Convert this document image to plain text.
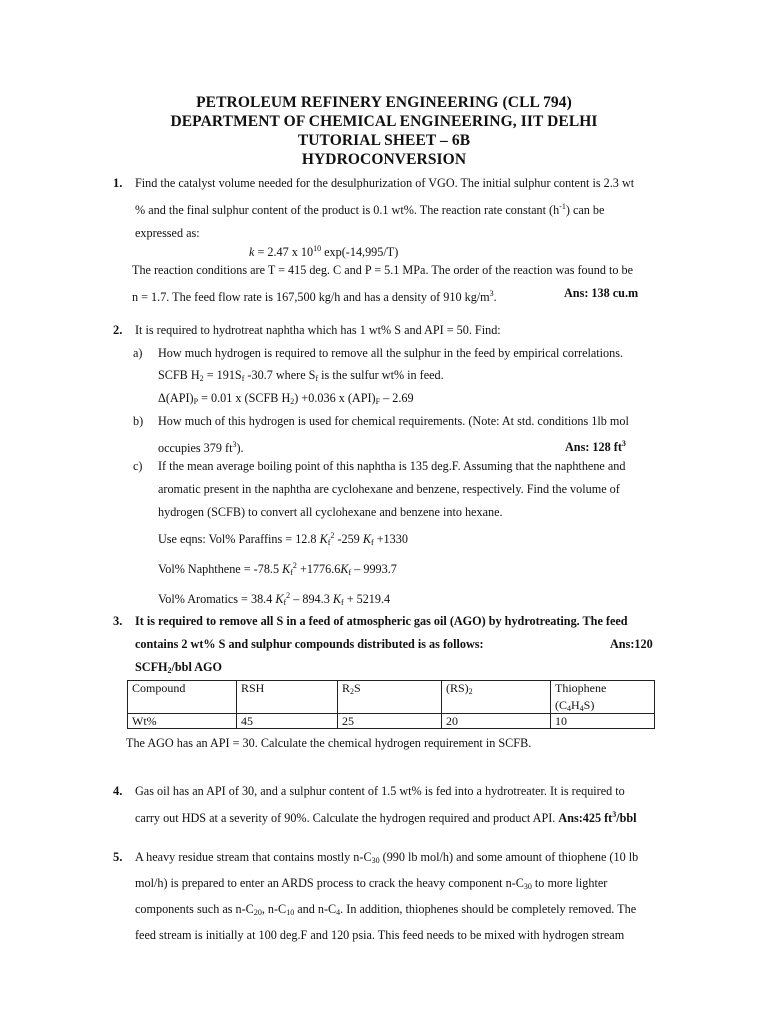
PETROLEUM REFINERY ENGINEERING (CLL 794)
DEPARTMENT OF CHEMICAL ENGINEERING, IIT DELHI
TUTORIAL SHEET – 6B
HYDROCONVERSION
1. Find the catalyst volume needed for the desulphurization of VGO. The initial sulphur content is 2.3 wt
% and the final sulphur content of the product is 0.1 wt%. The reaction rate constant $(h^{-1})$ can be
expressed as:
k = 2.47 x $10^{10}$ exp(-14,995/T)
The reaction conditions are T = 415 deg. C and P = 5.1 MPa. The order of the reaction was found to be
n = 1.7. The feed flow rate is 167,500 kg/h and has a density of 910 $kg/m^3$.	Ans: 138 cu.m
2. It is required to hydrotreat naphtha which has 1 wt% S and API = 50. Find:
a) How much hydrogen is required to remove all the sulphur in the feed by empirical correlations.
SCFB $H_2 = 191S_f$ -30.7 where $S_f$ is the sulfur wt% in feed.
$\Delta(API)_P = 0.01$ x (SCFB $H_2) +0.036$ x $(API)_F - 2.69$
b) How much of this hydrogen is used for chemical requirements. (Note: At std. conditions 1lb mol
occupies 379 $ft^3$).	Ans: 128 $ft^3$
c) If the mean average boiling point of this naphtha is 135 deg.F. Assuming that the naphthene and
aromatic present in the naphtha are cyclohexane and benzene, respectively. Find the volume of
hydrogen (SCFB) to convert all cyclohexane and benzene into hexane.
Use eqns: Vol% Paraffins = 12.8 $K_f^2$ -259 $K_f +1330$
Vol% Naphthene = -78.5 $K_f^2 +1776.6K_f - 9993.7$
Vol% Aromatics = 38.4 $K_f^2 - 894.3$ $K_f + 5219.4$
3. It is required to remove all S in a feed of atmospheric gas oil (AGO) by hydrotreating. The feed
contains 2 wt% S and sulphur compounds distributed is as follows:
$SCFH_2$/bbl AGO
Ans:120
Compound	RSH	$R_2S$	$(RS)_2$	Thiophene
$(C_4H_4S)$

Wt%	45	25	20	10
The AGO has an API = 30. Calculate the chemical hydrogen requirement in SCFB.
4. Gas oil has an API of 30, and a sulphur content of 1.5 wt% is fed into a hydrotreater. It is required to
carry out HDS at a severity of 90%. Calculate the hydrogen required and product API. Ans:425 $ft^3$/bbl
5. A heavy residue stream that contains mostly $n-C_{30}$ (990 lb mol/h) and some amount of thiophene (10 lb
mol/h) is prepared to enter an ARDS process to crack the heavy component $n-C_{30}$ to more lighter
components such as $n-C_{20}$, $n-C_{10}$ and $n-C_4$. In addition, thiophenes should be completely removed. The
feed stream is initially at 100 deg.F and 120 psia. This feed needs to be mixed with hydrogen stream
